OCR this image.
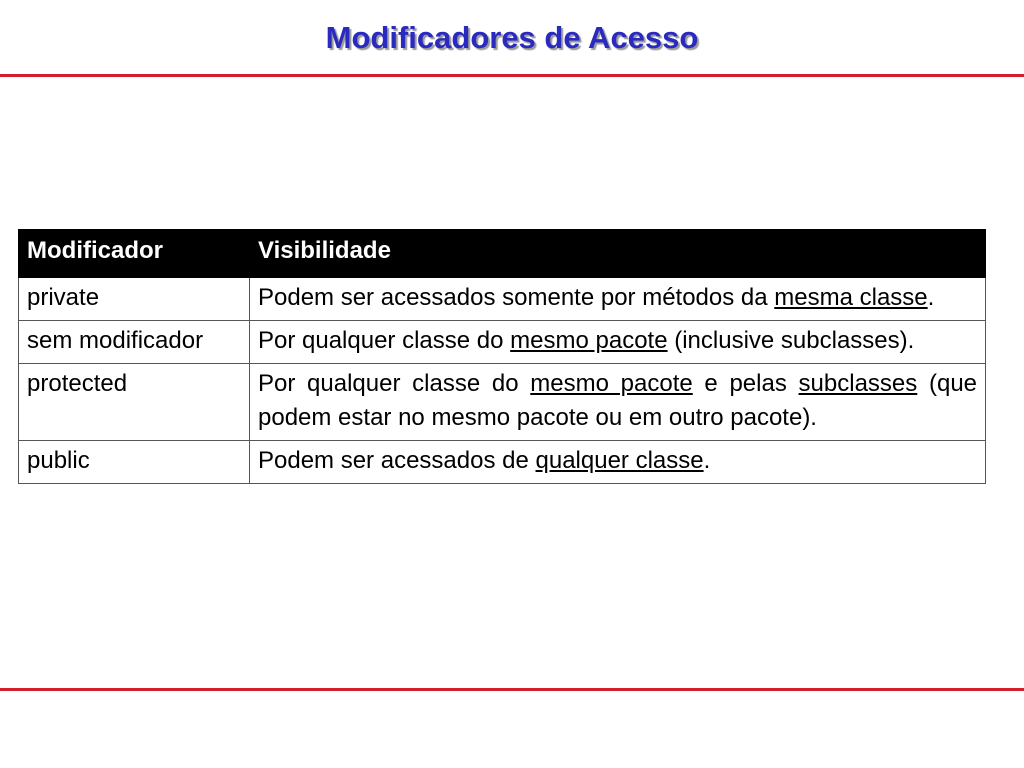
Modificadores de Acesso
Modificador	Visibilidade
private	Podem ser acessados somente por métodos da mesma classe.
sem modificador	Por qualquer classe do mesmo pacote (inclusive subclasses).
protected	Por qualquer classe do mesmo pacote e pelas subclasses (que podem estar no mesmo pacote ou em outro pacote).
public	Podem ser acessados de qualquer classe.
